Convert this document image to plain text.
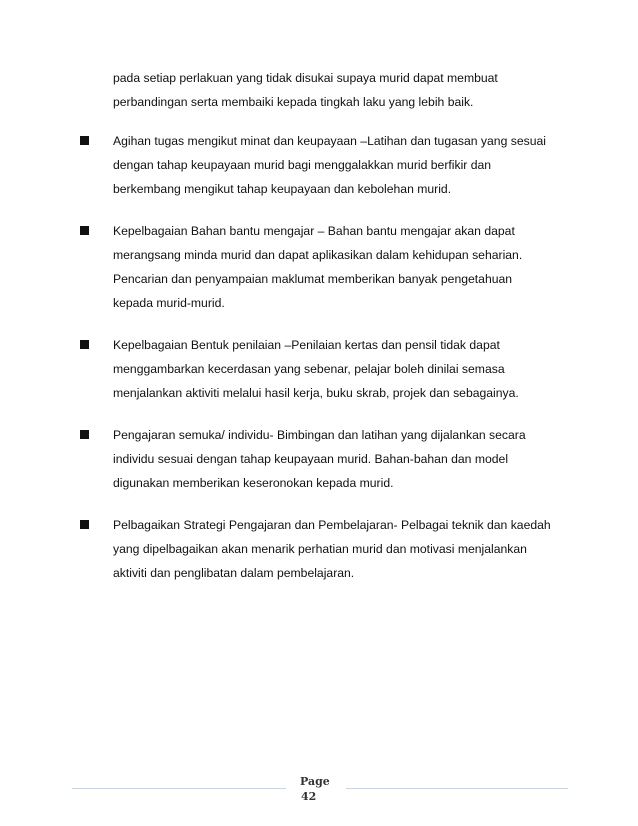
pada setiap perlakuan yang tidak disukai supaya murid dapat membuat
perbandingan serta membaiki kepada tingkah laku yang lebih baik.
Agihan tugas mengikut minat dan keupayaan –Latihan dan tugasan yang sesuai
dengan tahap keupayaan murid bagi menggalakkan murid berfikir dan
berkembang mengikut tahap keupayaan dan kebolehan murid.
Kepelbagaian Bahan bantu mengajar – Bahan bantu mengajar akan dapat
merangsang minda murid dan dapat aplikasikan dalam kehidupan seharian.
Pencarian dan penyampaian maklumat memberikan banyak pengetahuan
kepada murid-murid.
Kepelbagaian Bentuk penilaian –Penilaian kertas dan pensil tidak dapat
menggambarkan kecerdasan yang sebenar, pelajar boleh dinilai semasa
menjalankan aktiviti melalui hasil kerja, buku skrab, projek dan sebagainya.
Pengajaran semuka/ individu- Bimbingan dan latihan yang dijalankan secara
individu sesuai dengan tahap keupayaan murid. Bahan-bahan dan model
digunakan memberikan keseronokan kepada murid.
Pelbagaikan Strategi Pengajaran dan Pembelajaran- Pelbagai teknik dan kaedah
yang dipelbagaikan akan menarik perhatian murid dan motivasi menjalankan
aktiviti dan penglibatan dalam pembelajaran.
Page
42
